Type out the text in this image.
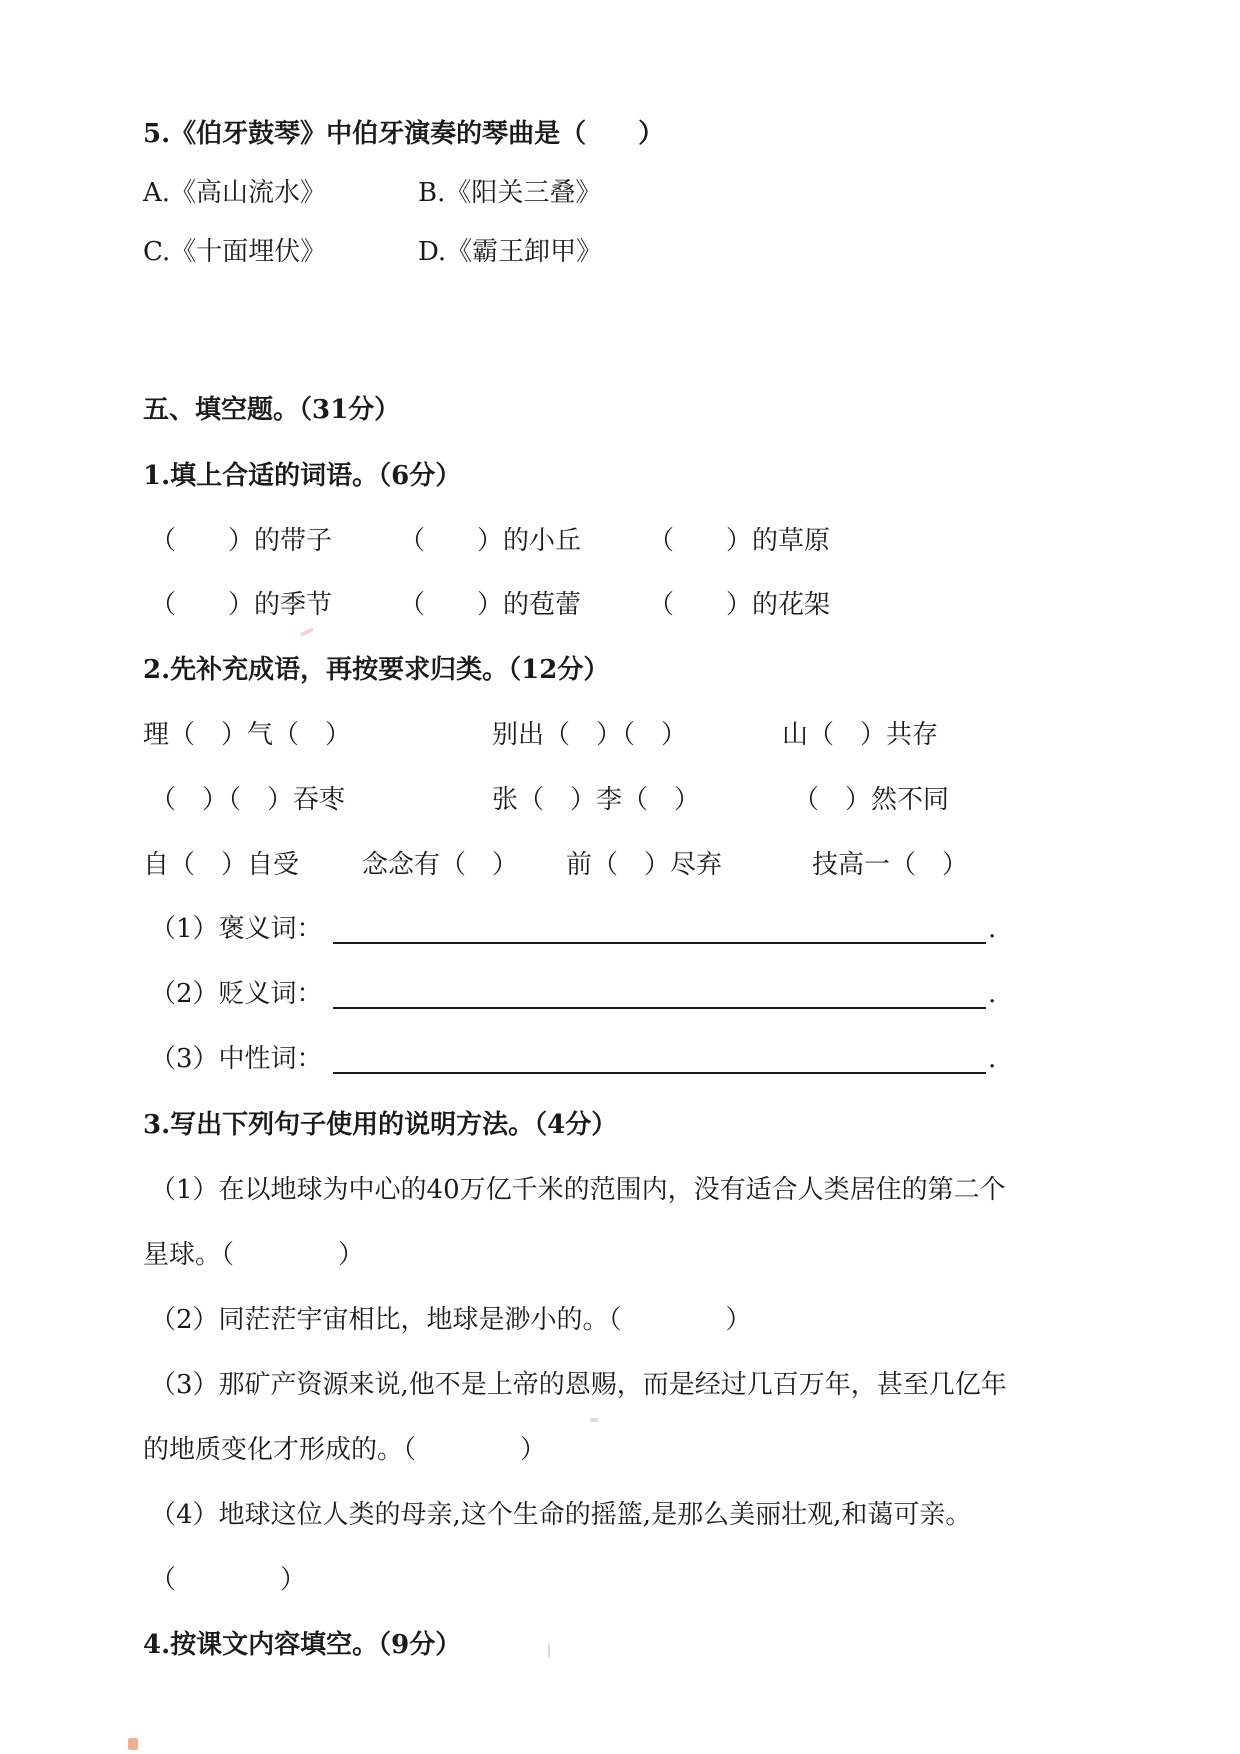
5.《伯牙鼓琴》中伯牙演奏的琴曲是（　　）
A.《高山流水》	B.《阳关三叠》
C.《十面埋伏》	D.《霸王卸甲》
五、填空题。（31分）
1.填上合适的词语。（6分）
（　　）的带子	（　　）的小丘	（　　）的草原
（　　）的季节	（　　）的苞蕾	（　　）的花架
2.先补充成语，再按要求归类。（12分）
理（　）气（　）	别出（　）（　）	山（　）共存
（　）（　）吞枣	张（　）李（　）	（　）然不同
自（　）自受 念念有（　） 前（　）尽弃	技高一（　）
（1）褒义词：	.
（2）贬义词：	.
（3）中性词：	.
3.写出下列句子使用的说明方法。（4分）
（1）在以地球为中心的40万亿千米的范围内，没有适合人类居住的第二个
星球。（　　　　）
（2）同茫茫宇宙相比，地球是渺小的。（　　　　）
（3）那矿产资源来说,他不是上帝的恩赐，而是经过几百万年，甚至几亿年
的地质变化才形成的。（　　　　）
（4）地球这位人类的母亲,这个生命的摇篮,是那么美丽壮观,和蔼可亲。
（　　　　）
4.按课文内容填空。（9分）
